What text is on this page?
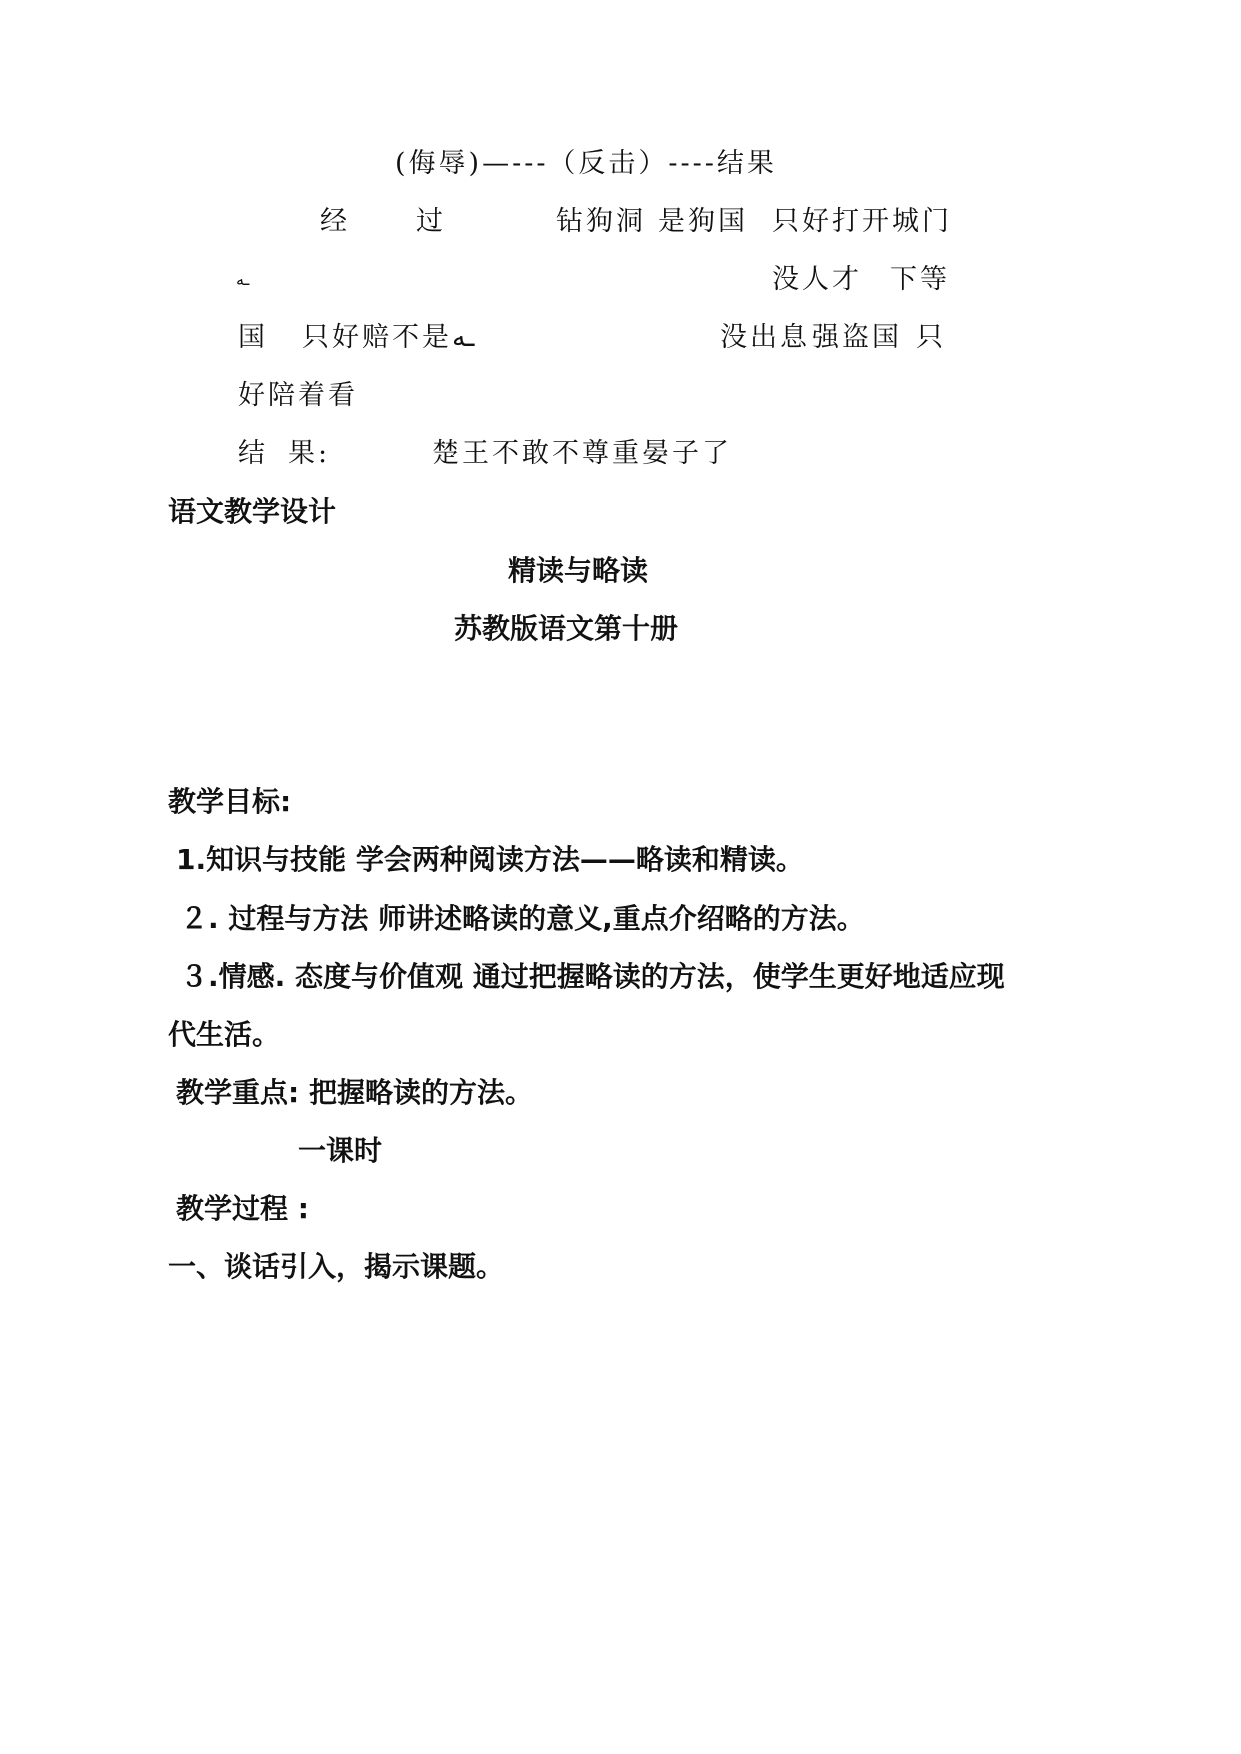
(侮辱)—---（反击）----结果
经 过	钻狗洞 是狗国 只好打开城门
ـه	没人才 下等
国 只好赔不是ـه	没出息 强盗国 只
好陪着看
结 果:	楚王不敢不尊重晏子了
语文教学设计
精读与略读
苏教版语文第十册
教学目标:
1.知识与技能 学会两种阅读方法——略读和精读。
２. 过程与方法 师讲述略读的意义,重点介绍略的方法。
３.情感. 态度与价值观 通过把握略读的方法，使学生更好地适应现
代生活。
教学重点: 把握略读的方法。
一课时
教学过程 :
一、谈话引入，揭示课题。
